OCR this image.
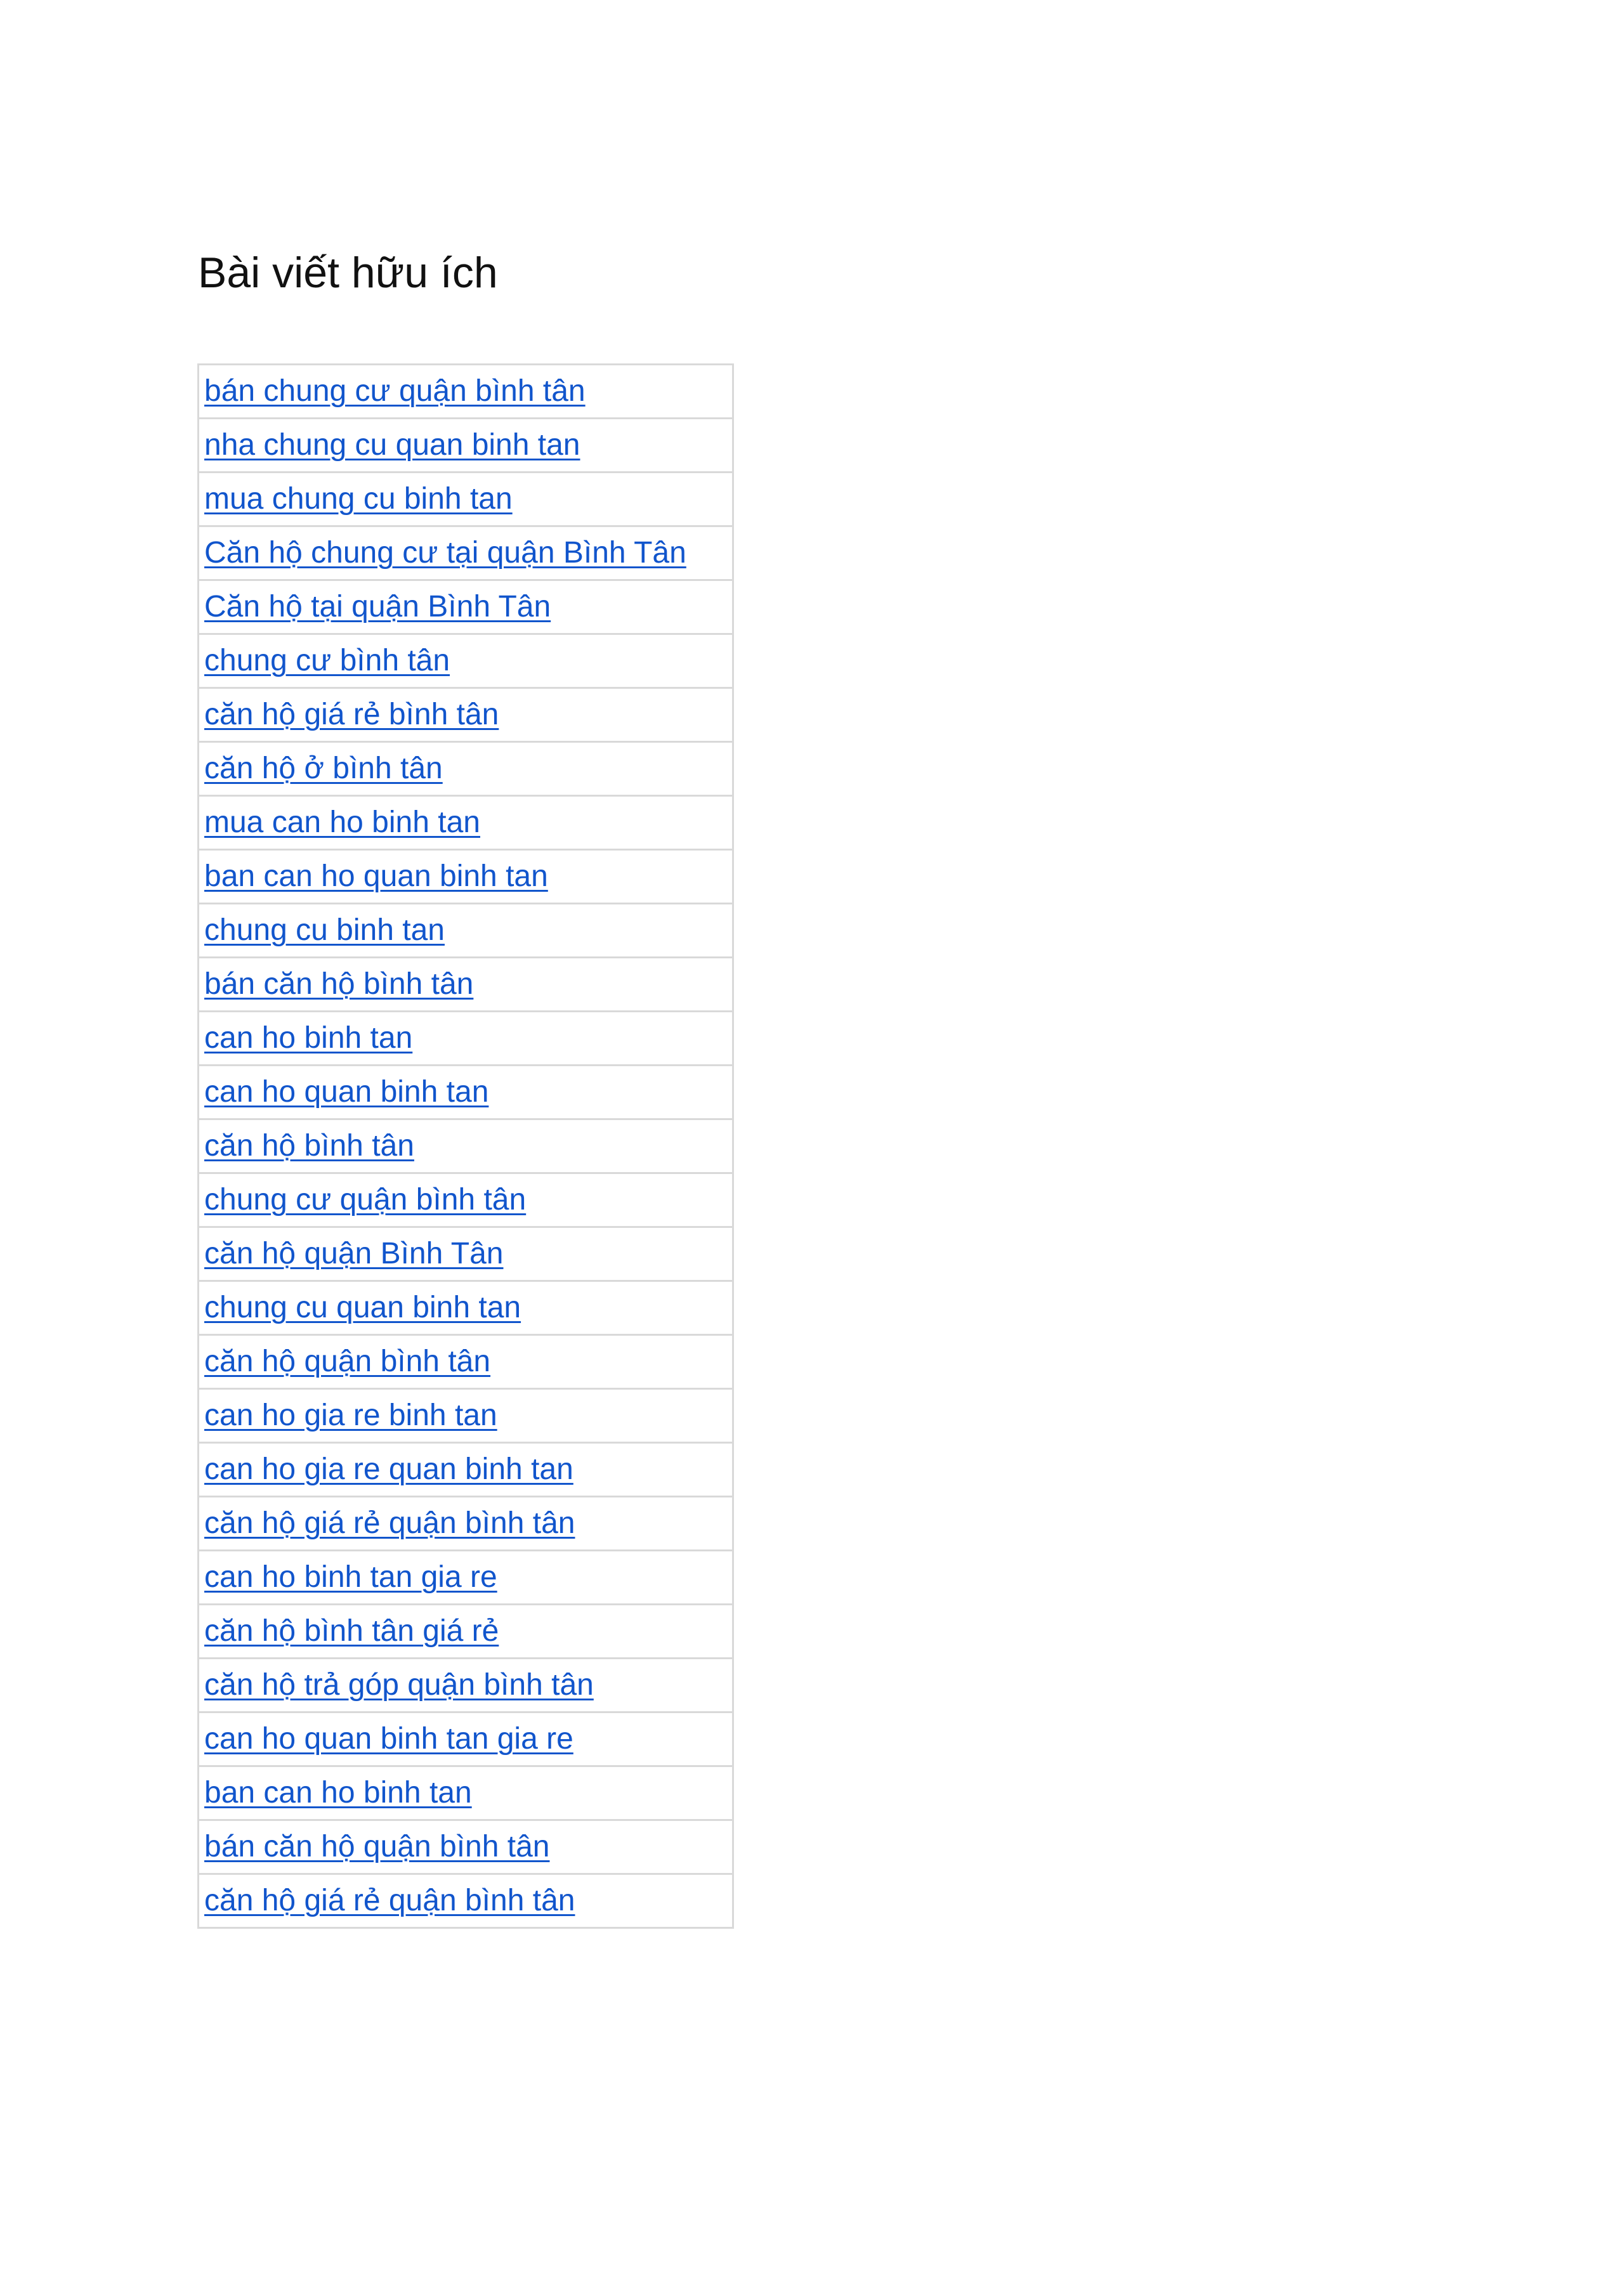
Bài viết hữu ích
bán chung cư quận bình tân
nha chung cu quan binh tan
mua chung cu binh tan
Căn hộ chung cư tại quận Bình Tân
Căn hộ tại quận Bình Tân
chung cư bình tân
căn hộ giá rẻ bình tân
căn hộ ở bình tân
mua can ho binh tan
ban can ho quan binh tan
chung cu binh tan
bán căn hộ bình tân
can ho binh tan
can ho quan binh tan
căn hộ bình tân
chung cư quận bình tân
căn hộ quận Bình Tân
chung cu quan binh tan
căn hộ quận bình tân
can ho gia re binh tan
can ho gia re quan binh tan
căn hộ giá rẻ quận bình tân
can ho binh tan gia re
căn hộ bình tân giá rẻ
căn hộ trả góp quận bình tân
can ho quan binh tan gia re
ban can ho binh tan
bán căn hộ quận bình tân
căn hộ giá rẻ quận bình tân
